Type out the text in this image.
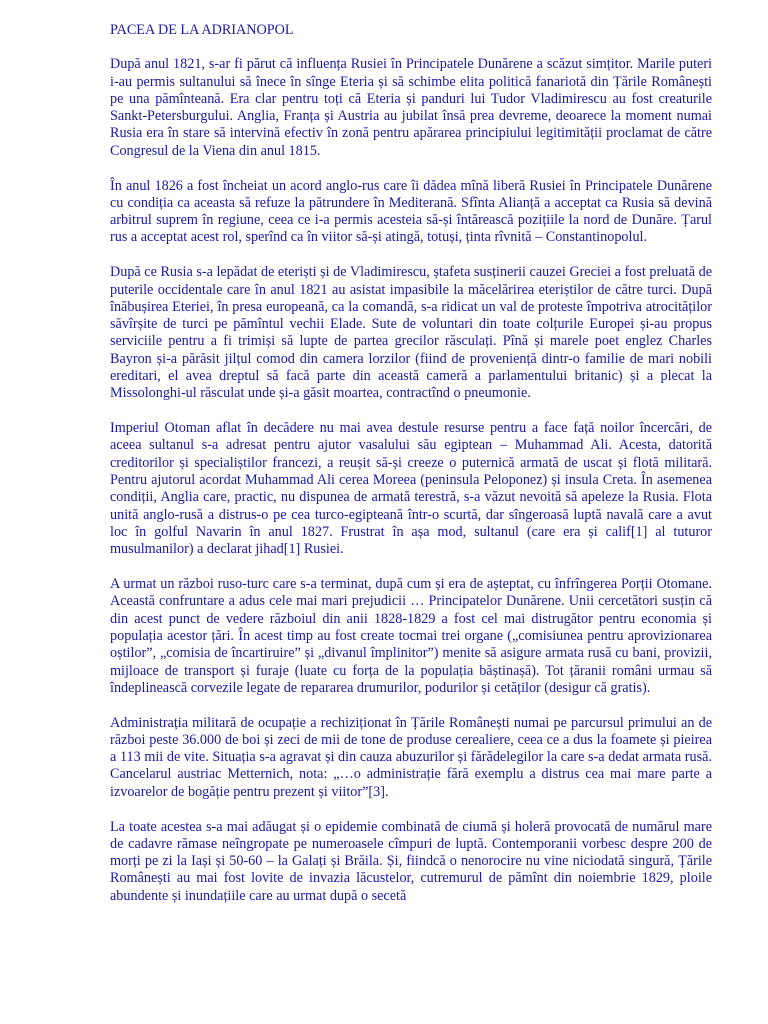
PACEA DE LA ADRIANOPOL

După anul 1821, s-ar fi părut că influența Rusiei în Principatele Dunărene a scăzut simțitor. Marile puteri i-au permis sultanului să înece în sînge Eteria și să schimbe elita politică fanariotă din Țările Românești pe una pămînteană. Era clar pentru toți că Eteria și panduri lui Tudor Vladimirescu au fost creaturile Sankt-Petersburgului. Anglia, Franța și Austria au jubilat însă prea devreme, deoarece la moment numai Rusia era în stare să intervină efectiv în zonă pentru apărarea principiului legitimității proclamat de către Congresul de la Viena din anul 1815.

În anul 1826 a fost încheiat un acord anglo-rus care îi dădea mînă liberă Rusiei în Principatele Dunărene cu condiția ca aceasta să refuze la pătrundere în Mediterană. Sfînta Alianță a acceptat ca Rusia să devină arbitrul suprem în regiune, ceea ce i-a permis acesteia să-și întărească pozițiile la nord de Dunăre. Țarul rus a acceptat acest rol, sperînd ca în viitor să-și atingă, totuși, ținta rîvnită – Constantinopolul.

După ce Rusia s-a lepădat de eteriști și de Vladimirescu, ștafeta susținerii cauzei Greciei a fost preluată de puterile occidentale care în anul 1821 au asistat impasibile la măcelărirea eteriștilor de către turci. După înăbușirea Eteriei, în presa europeană, ca la comandă, s-a ridicat un val de proteste împotriva atrocităților săvîrșite de turci pe pămîntul vechii Elade. Sute de voluntari din toate colțurile Europei și-au propus serviciile pentru a fi trimiși să lupte de partea grecilor răsculați. Pînă și marele poet englez Charles Bayron și-a părăsit jilțul comod din camera lorzilor (fiind de proveniență dintr-o familie de mari nobili ereditari, el avea dreptul să facă parte din această cameră a parlamentului britanic) și a plecat la Missolonghi-ul răsculat unde și-a găsit moartea, contractînd o pneumonie.

Imperiul Otoman aflat în decădere nu mai avea destule resurse pentru a face față noilor încercări, de aceea sultanul s-a adresat pentru ajutor vasalului său egiptean – Muhammad Ali. Acesta, datorită creditorilor și specialiștilor francezi, a reușit să-și creeze o puternică armată de uscat și flotă militară. Pentru ajutorul acordat Muhammad Ali cerea Moreea (peninsula Peloponez) și insula Creta. În asemenea condiții, Anglia care, practic, nu dispunea de armată terestră, s-a văzut nevoită să apeleze la Rusia. Flota unită anglo-rusă a distrus-o pe cea turco-egipteană într-o scurtă, dar sîngeroasă luptă navală care a avut loc în golful Navarin în anul 1827. Frustrat în așa mod, sultanul (care era și calif[1] al tuturor musulmanilor) a declarat jihad[1] Rusiei.

A urmat un război ruso-turc care s-a terminat, după cum și era de așteptat, cu înfrîngerea Porții Otomane. Această confruntare a adus cele mai mari prejudicii … Principatelor Dunărene. Unii cercetători susțin că din acest punct de vedere războiul din anii 1828-1829 a fost cel mai distrugător pentru economia și populația acestor țări. În acest timp au fost create tocmai trei organe („comisiunea pentru aprovizionarea oștilor”, „comisia de încartiruire” și „divanul împlinitor”) menite să asigure armata rusă cu bani, provizii, mijloace de transport și furaje (luate cu forța de la populația băștinașă). Tot țăranii români urmau să îndeplinească corvezile legate de repararea drumurilor, podurilor și cetăților (desigur că gratis).

Administrația militară de ocupație a rechiziționat în Țările Românești numai pe parcursul primului an de război peste 36.000 de boi și zeci de mii de tone de produse cerealiere, ceea ce a dus la foamete și pieirea a 113 mii de vite. Situația s-a agravat și din cauza abuzurilor și fărădelegilor la care s-a dedat armata rusă. Cancelarul austriac Metternich, nota: „…o administrație fără exemplu a distrus cea mai mare parte a izvoarelor de bogăție pentru prezent și viitor”[3].

La toate acestea s-a mai adăugat și o epidemie combinată de ciumă și holeră provocată de numărul mare de cadavre rămase neîngropate pe numeroasele cîmpuri de luptă. Contemporanii vorbesc despre 200 de morți pe zi la Iași și 50-60 – la Galați și Brăila. Și, fiindcă o nenorocire nu vine niciodată singură, Țările Românești au mai fost lovite de invazia lăcustelor, cutremurul de pămînt din noiembrie 1829, ploile abundente și inundațiile care au urmat după o secetă
